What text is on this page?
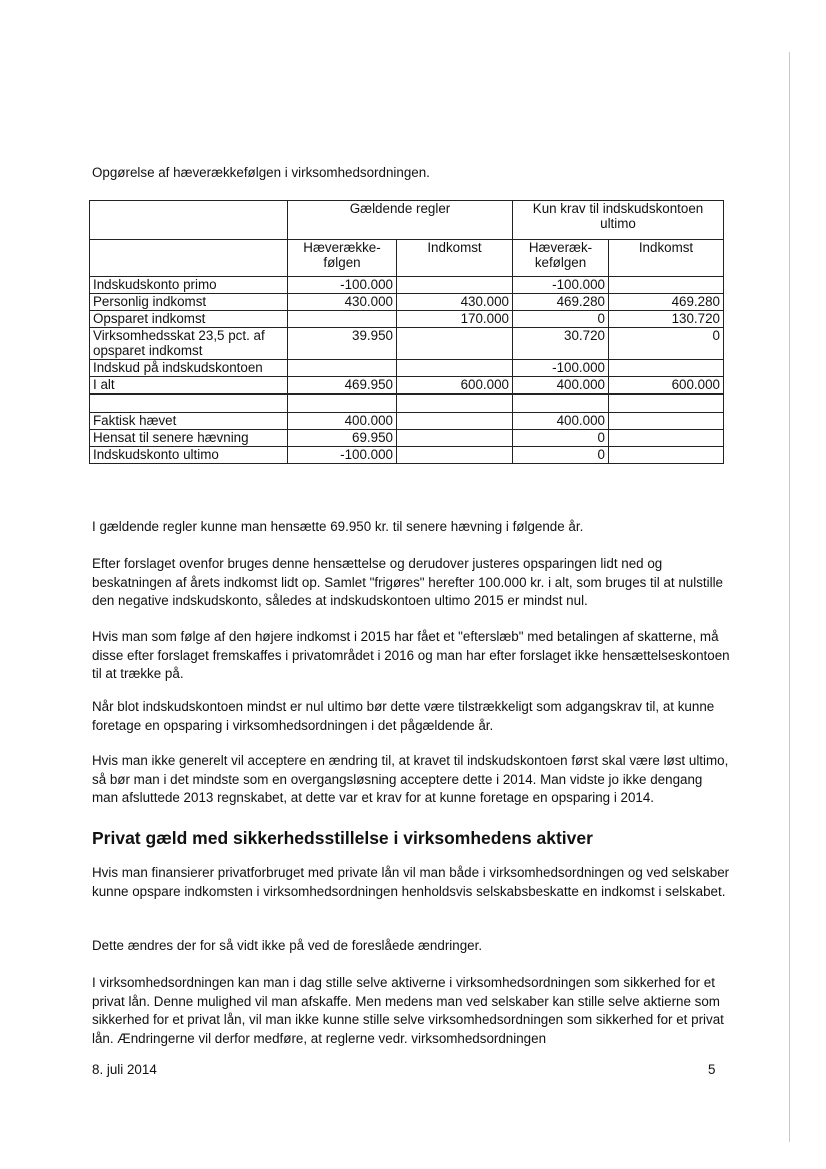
Opgørelse af hæverækkefølgen i virksomhedsordningen.
	Gældende regler		Kun krav til indskudskontoen ultimo	
	Hæverække-følgen	Indkomst	Hæveræk-kefølgen	Indkomst
Indskudskonto primo	-100.000		-100.000	
Personlig indkomst	430.000	430.000	469.280	469.280
Opsparet indkomst		170.000	0	130.720
Virksomhedsskat 23,5 pct. af opsparet indkomst	39.950		30.720	0
Indskud på indskudskontoen			-100.000	
I alt	469.950	600.000	400.000	600.000

Faktisk hævet	400.000		400.000	
Hensat til senere hævning	69.950		0	
Indskudskonto ultimo	-100.000		0	

I gældende regler kunne man hensætte 69.950 kr. til senere hævning i følgende år.

Efter forslaget ovenfor bruges denne hensættelse og derudover justeres opsparingen lidt ned og beskatningen af årets indkomst lidt op. Samlet "frigøres" herefter 100.000 kr. i alt, som bruges til at nulstille den negative indskudskonto, således at indskudskontoen ultimo 2015 er mindst nul.

Hvis man som følge af den højere indkomst i 2015 har fået et "efterslæb" med betalingen af skatterne, må disse efter forslaget fremskaffes i privatområdet i 2016 og man har efter forslaget ikke hensættelseskontoen til at trække på.

Når blot indskudskontoen mindst er nul ultimo bør dette være tilstrækkeligt som adgangskrav til, at kunne foretage en opsparing i virksomhedsordningen i det pågældende år.

Hvis man ikke generelt vil acceptere en ændring til, at kravet til indskudskontoen først skal være løst ultimo, så bør man i det mindste som en overgangsløsning acceptere dette i 2014. Man vidste jo ikke dengang man afsluttede 2013 regnskabet, at dette var et krav for at kunne foretage en opsparing i 2014.

Privat gæld med sikkerhedsstillelse i virksomhedens aktiver

Hvis man finansierer privatforbruget med private lån vil man både i virksomhedsordningen og ved selskaber kunne opspare indkomsten i virksomhedsordningen henholdsvis selskabsbeskatte en indkomst i selskabet.

Dette ændres der for så vidt ikke på ved de foreslåede ændringer.

I virksomhedsordningen kan man i dag stille selve aktiverne i virksomhedsordningen som sikkerhed for et privat lån. Denne mulighed vil man afskaffe. Men medens man ved selskaber kan stille selve aktierne som sikkerhed for et privat lån, vil man ikke kunne stille selve virksomhedsordningen som sikkerhed for et privat lån. Ændringerne vil derfor medføre, at reglerne vedr. virksomhedsordningen

8. juli 2014	5
